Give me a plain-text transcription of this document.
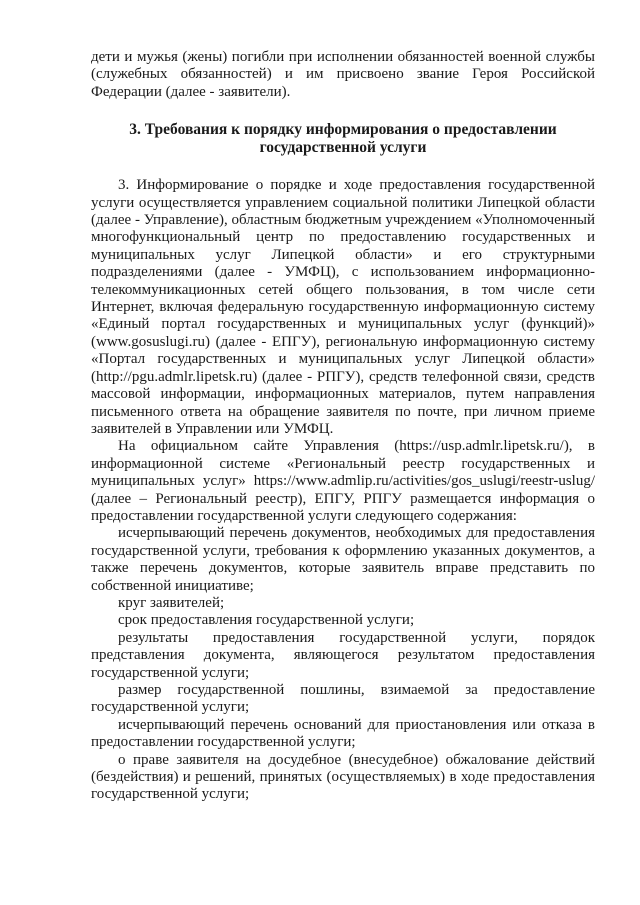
дети и мужья (жены) погибли при исполнении обязанностей военной службы (служебных обязанностей) и им присвоено звание Героя Российской Федерации (далее - заявители).

3. Требования к порядку информирования о предоставлении
государственной услуги

3. Информирование о порядке и ходе предоставления государственной услуги осуществляется управлением социальной политики Липецкой области (далее - Управление), областным бюджетным учреждением «Уполномоченный многофункциональный центр по предоставлению государственных и муниципальных услуг Липецкой области» и его структурными подразделениями (далее - УМФЦ), с использованием информационно-телекоммуникационных сетей общего пользования, в том числе сети Интернет, включая федеральную государственную информационную систему «Единый портал государственных и муниципальных услуг (функций)» (www.gosuslugi.ru) (далее - ЕПГУ), региональную информационную систему «Портал государственных и муниципальных услуг Липецкой области» (http://pgu.admlr.lipetsk.ru) (далее - РПГУ), средств телефонной связи, средств массовой информации, информационных материалов, путем направления письменного ответа на обращение заявителя по почте, при личном приеме заявителей в Управлении или УМФЦ.

На официальном сайте Управления (https://usp.admlr.lipetsk.ru/), в информационной системе «Региональный реестр государственных и муниципальных услуг» https://www.admlip.ru/activities/gos_uslugi/reestr-uslug/ (далее – Региональный реестр), ЕПГУ, РПГУ размещается информация о предоставлении государственной услуги следующего содержания:

исчерпывающий перечень документов, необходимых для предоставления государственной услуги, требования к оформлению указанных документов, а также перечень документов, которые заявитель вправе представить по собственной инициативе;

круг заявителей;

срок предоставления государственной услуги;

результаты предоставления государственной услуги, порядок представления документа, являющегося результатом предоставления государственной услуги;

размер государственной пошлины, взимаемой за предоставление государственной услуги;

исчерпывающий перечень оснований для приостановления или отказа в предоставлении государственной услуги;

о праве заявителя на досудебное (внесудебное) обжалование действий (бездействия) и решений, принятых (осуществляемых) в ходе предоставления государственной услуги;
